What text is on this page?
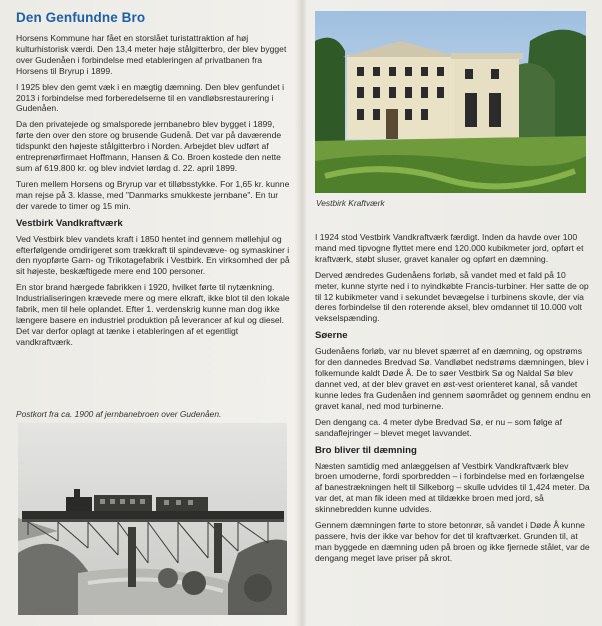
Den Genfundne Bro

Horsens Kommune har fået en storslået turistattraktion af høj kulturhistorisk værdi. Den 13,4 meter høje stålgitterbro, der blev bygget over Gudenåen i forbindelse med etableringen af privatbanen fra Horsens til Bryrup i 1899.

I 1925 blev den gemt væk i en mægtig dæmning. Den blev genfundet i 2013 i forbindelse med forberedelserne til en vandløbsrestaurering i Gudenåen.

Da den privatejede og smalsporede jernbanebro blev bygget i 1899, førte den over den store og brusende Gudenå. Det var på daværende tidspunkt den højeste stålgitterbro i Norden. Arbejdet blev udført af entreprenørfirmaet Hoffmann, Hansen & Co. Broen kostede den nette sum af 619.800 kr. og blev indviet lørdag d. 22. april 1899.

Turen mellem Horsens og Bryrup var et tilløbsstykke. For 1,65 kr. kunne man rejse på 3. klasse, med "Danmarks smukkeste jernbane". En tur der varede to timer og 15 min.

Vestbirk Vandkraftværk

Ved Vestbirk blev vandets kraft i 1850 hentet ind gennem møllehjul og efterfølgende omdirigeret som trækkraft til spindevæve- og symaskiner i den nyopførte Garn- og Trikotagefabrik i Vestbirk. En virksomhed der på sit højeste, beskæftigede mere end 100 personer.

En stor brand hærgede fabrikken i 1920, hvilket førte til nytænkning. Industrialiseringen krævede mere og mere elkraft, ikke blot til den lokale fabrik, men til hele oplandet. Efter 1. verdenskrig kunne man dog ikke længere basere en industriel produktion på leverancer af kul og diesel. Det var derfor oplagt at tænke i etableringen af et egentligt vandkraftværk.

Postkort fra ca. 1900 af jernbanebroen over Gudenåen.

Vestbirk Kraftværk

I 1924 stod Vestbirk Vandkraftværk færdigt. Inden da havde over 100 mand med tipvogne flyttet mere end 120.000 kubikmeter jord, opført et kraftværk, støbt sluser, gravet kanaler og opført en dæmning.

Derved ændredes Gudenåens forløb, så vandet med et fald på 10 meter, kunne styrte ned i to nyindkøbte Francis-turbiner. Her satte de op til 12 kubikmeter vand i sekundet bevægelse i turbinens skovle, der via deres forbindelse til den roterende aksel, blev omdannet til 10.000 volt vekselspænding.

Søerne

Gudenåens forløb, var nu blevet spærret af en dæmning, og opstrøms for den dannedes Bredvad Sø. Vandløbet nedstrøms dæmningen, blev i folkemunde kaldt Døde Å. De to søer Vestbirk Sø og Naldal Sø blev dannet ved, at der blev gravet en øst-vest orienteret kanal, så vandet kunne ledes fra Gudenåen ind gennem søområdet og gennem endnu en gravet kanal, ned mod turbinerne.

Den dengang ca. 4 meter dybe Bredvad Sø, er nu – som følge af sandaflejringer – blevet meget lavvandet.

Bro bliver til dæmning

Næsten samtidig med anlæggelsen af Vestbirk Vandkraftværk blev broen umoderne, fordi sporbredden – i forbindelse med en forlængelse af banestrækningen helt til Silkeborg – skulle udvides til 1,424 meter. Da var det, at man fik ideen med at tildække broen med jord, så skinnebredden kunne udvides.

Gennem dæmningen førte to store betonrør, så vandet i Døde Å kunne passere, hvis der ikke var behov for det til kraftværket. Grunden til, at man byggede en dæmning uden på broen og ikke fjernede stålet, var de dengang meget lave priser på skrot.
